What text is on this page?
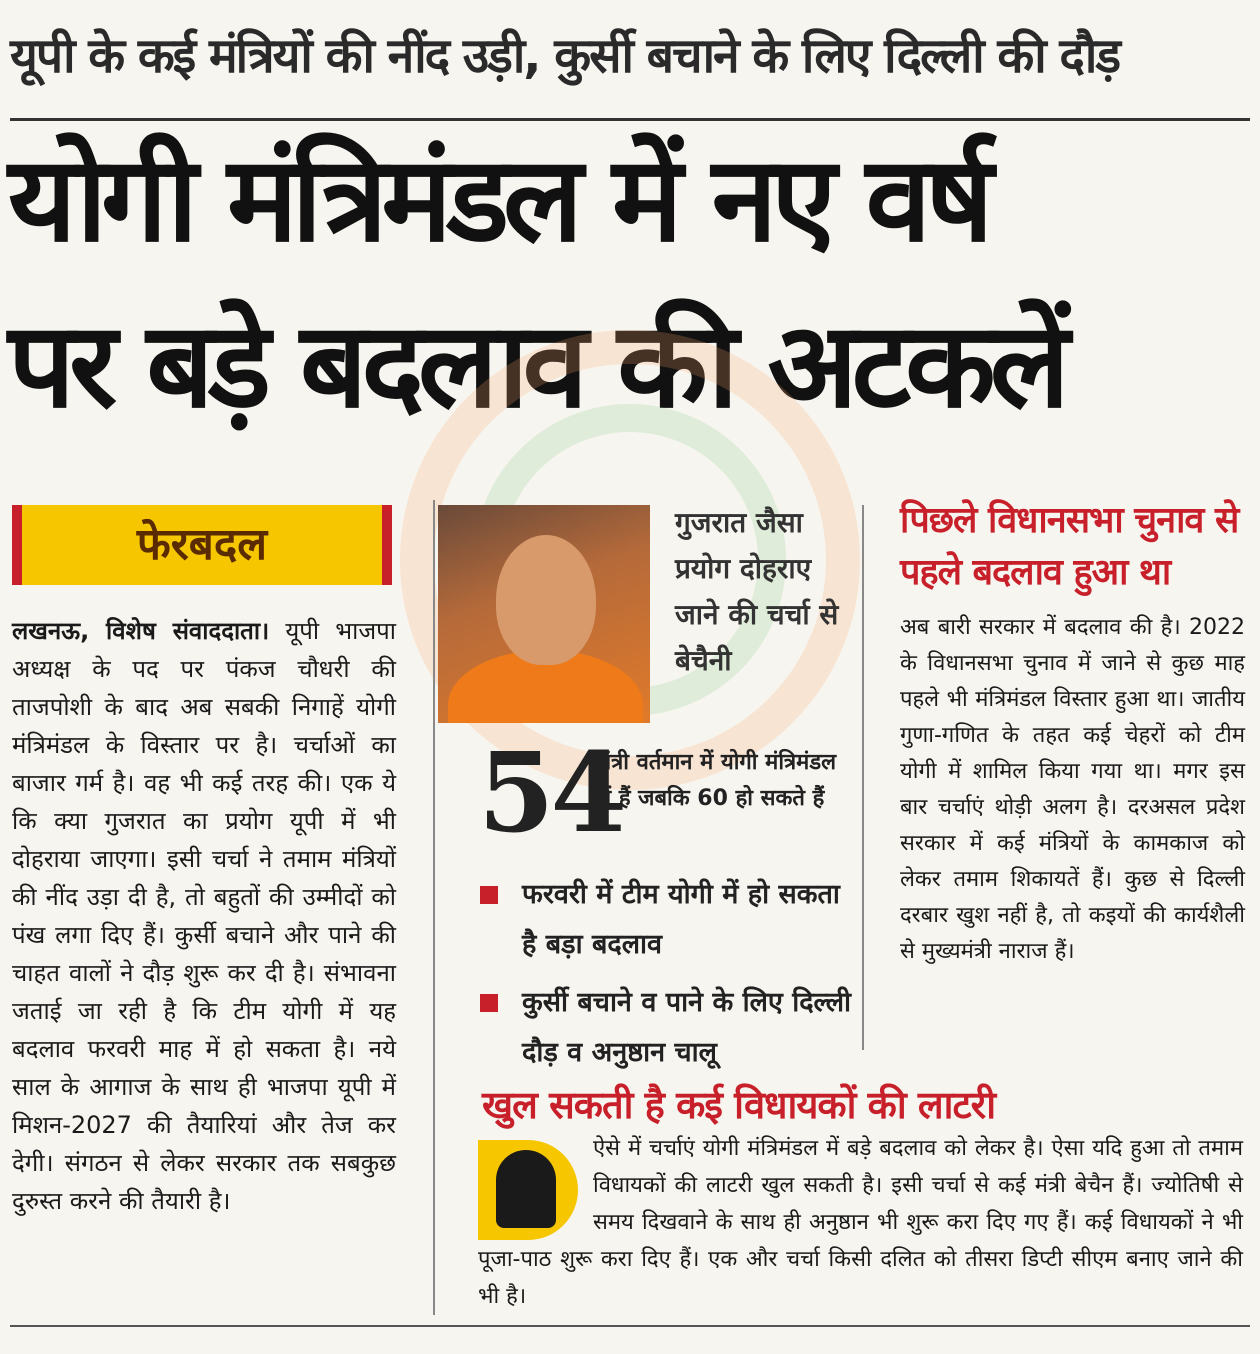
यूपी के कई मंत्रियों की नींद उड़ी, कुर्सी बचाने के लिए दिल्ली की दौड़
योगी मंत्रिमंडल में नए वर्ष
पर बड़े बदलाव की अटकलें
फेरबदल
लखनऊ, विशेष संवाददाता। यूपी भाजपा अध्यक्ष के पद पर पंकज चौधरी की ताजपोशी के बाद अब सबकी निगाहें योगी मंत्रिमंडल के विस्तार पर है। चर्चाओं का बाजार गर्म है। वह भी कई तरह की। एक ये कि क्या गुजरात का प्रयोग यूपी में भी दोहराया जाएगा। इसी चर्चा ने तमाम मंत्रियों की नींद उड़ा दी है, तो बहुतों की उम्मीदों को पंख लगा दिए हैं। कुर्सी बचाने और पाने की चाहत वालों ने दौड़ शुरू कर दी है। संभावना जताई जा रही है कि टीम योगी में यह बदलाव फरवरी माह में हो सकता है। नये साल के आगाज के साथ ही भाजपा यूपी में मिशन-2027 की तैयारियां और तेज कर देगी। संगठन से लेकर सरकार तक सबकुछ दुरुस्त करने की तैयारी है।
गुजरात जैसा प्रयोग दोहराए जाने की चर्चा से बेचैनी
54
मंत्री वर्तमान में योगी मंत्रिमंडल में हैं जबकि 60 हो सकते हैं
फरवरी में टीम योगी में हो सकता है बड़ा बदलाव
कुर्सी बचाने व पाने के लिए दिल्ली दौड़ व अनुष्ठान चालू
पिछले विधानसभा चुनाव से पहले बदलाव हुआ था
अब बारी सरकार में बदलाव की है। 2022 के विधानसभा चुनाव में जाने से कुछ माह पहले भी मंत्रिमंडल विस्तार हुआ था। जातीय गुणा-गणित के तहत कई चेहरों को टीम योगी में शामिल किया गया था। मगर इस बार चर्चाएं थोड़ी अलग है। दरअसल प्रदेश सरकार में कई मंत्रियों के कामकाज को लेकर तमाम शिकायतें हैं। कुछ से दिल्ली दरबार खुश नहीं है, तो कइयों की कार्यशैली से मुख्यमंत्री नाराज हैं।
खुल सकती है कई विधायकों की लाटरी
ऐसे में चर्चाएं योगी मंत्रिमंडल में बड़े बदलाव को लेकर है। ऐसा यदि हुआ तो तमाम विधायकों की लाटरी खुल सकती है। इसी चर्चा से कई मंत्री बेचैन हैं। ज्योतिषी से समय दिखवाने के साथ ही अनुष्ठान भी शुरू करा दिए गए हैं। कई विधायकों ने भी पूजा-पाठ शुरू करा दिए हैं। एक और चर्चा किसी दलित को तीसरा डिप्टी सीएम बनाए जाने की भी है।
